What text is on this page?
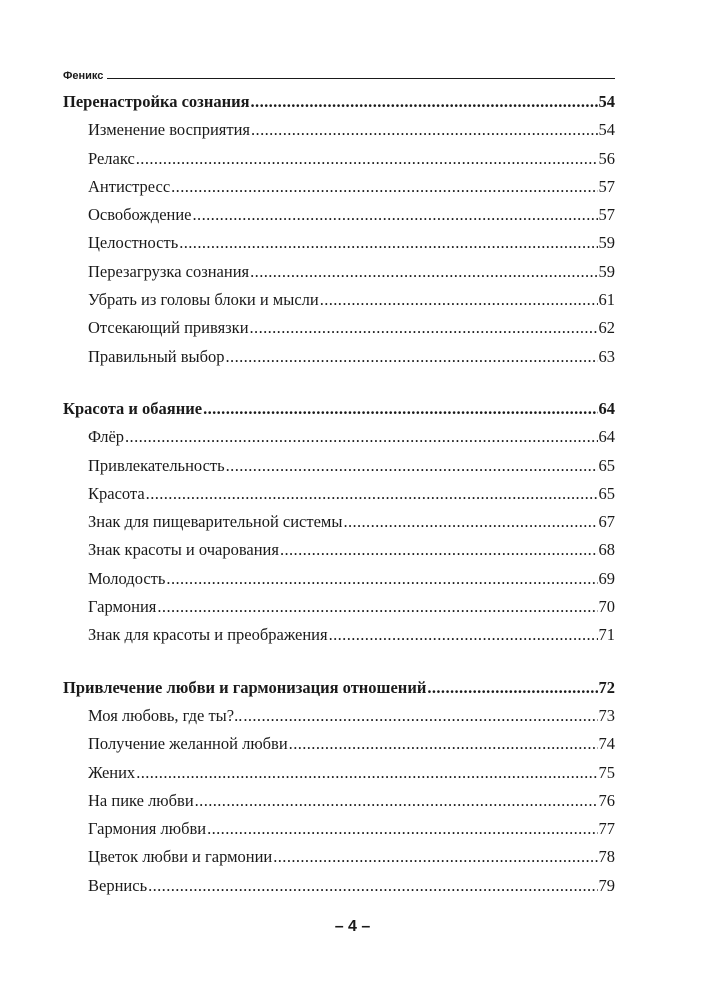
Феникс
Перенастройка сознания .....	54
Изменение восприятия .....	54
Релакс .....	56
Антистресс .....	57
Освобождение .....	57
Целостность .....	59
Перезагрузка сознания .....	59
Убрать из головы блоки и мысли .....	61
Отсекающий привязки .....	62
Правильный выбор .....	63
Красота и обаяние .....	64
Флёр .....	64
Привлекательность .....	65
Красота .....	65
Знак для пищеварительной системы .....	67
Знак красоты и очарования .....	68
Молодость .....	69
Гармония .....	70
Знак для красоты и преображения .....	71
Привлечение любви и гармонизация отношений .....	72
Моя любовь, где ты?.. .....	73
Получение желанной любви .....	74
Жених .....	75
На пике любви .....	76
Гармония любви .....	77
Цветок любви и гармонии .....	78
Вернись .....	79
– 4 –
